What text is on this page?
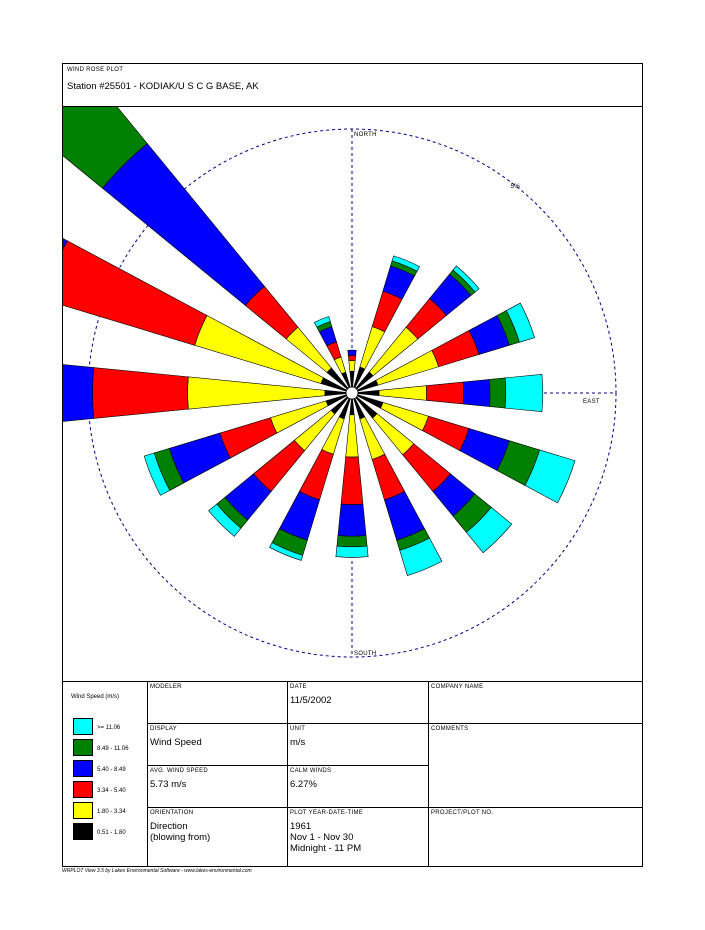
WIND ROSE PLOT
Station #25501 - KODIAK/U S C G BASE, AK
5%
NORTH
SOUTH
EAST
Wind Speed (m/s)
>= 11.06
8.49 - 11.06
5.40 - 8.49
3.34 - 5.40
1.80 - 3.34
0.51 - 1.80
MODELER	DATE
11/5/2002
COMPANY NAME
DISPLAY
Wind Speed
UNIT
m/s
COMMENTS
AVG. WIND SPEED
5.73 m/s
CALM WINDS
6.27%
ORIENTATION
Direction
(blowing from)
PLOT YEAR-DATE-TIME
1961
Nov 1 - Nov 30
Midnight - 11 PM
PROJECT/PLOT NO.
WRPLOT View 3.5 by Lakes Environmental Software - www.lakes-environmental.com
